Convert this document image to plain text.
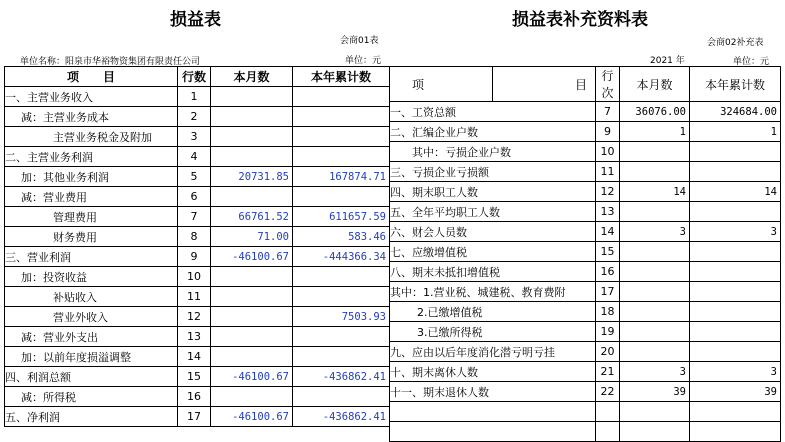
损益表	损益表补充资料表
会商01表	会商02补充表
单位名称：阳泉市华裕物资集团有限责任公司	单位：元	2021 年	单位：元
项　　目	行数	本月数	本年累计数
一、主营业务收入	1		
减：主营业务成本	2		
主营业务税金及附加	3		
二、主营业务利润	4		
加：其他业务利润	5	20731.85	167874.71
减：营业费用	6		
管理费用	7	66761.52	611657.59
财务费用	8	71.00	583.46
三、营业利润	9	-46100.67	-444366.34
加：投资收益	10		
补贴收入	11		
营业外收入	12		7503.93
减：营业外支出	13		
加：以前年度损溢调整	14		
四、利润总额	15	-46100.67	-436862.41
减：所得税	16		
五、净利润	17	-46100.67	-436862.41
项	目	行次	本月数	本年累计数
一、工资总额		7	36076.00	324684.00
二、汇编企业户数		9	1	1
其中：亏损企业户数		10		
三、亏损企业亏损额		11		
四、期末职工人数		12	14	14
五、全年平均职工人数		13		
六、财会人员数		14	3	3
七、应缴增值税		15		
八、期末未抵扣增值税		16		
其中：1.营业税、城建税、教育费附		17		
2.已缴增值税		18		
3.已缴所得税		19		
九、应由以后年度消化潜亏明亏挂		20		
十、期末离休人数		21	3	3
十一、期末退休人数		22	39	39
